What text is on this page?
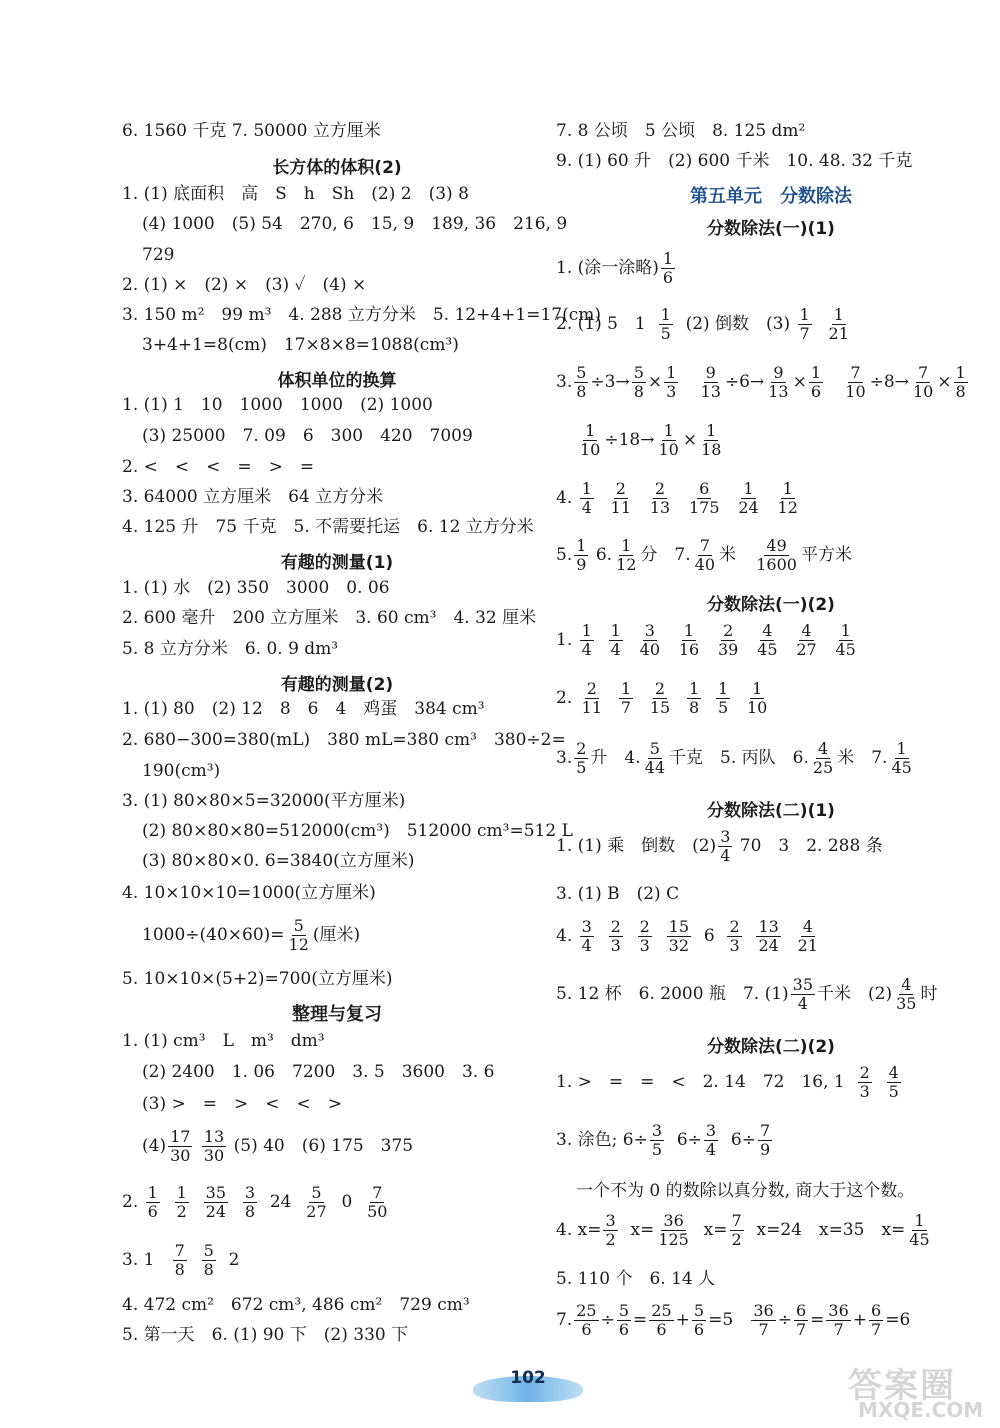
6. 1560 千克 7. 50000 立方厘米
长方体的体积(2)
1. (1) 底面积　高　S　h　Sh　(2) 2　(3) 8
(4) 1000　(5) 54　270, 6　15, 9　189, 36　216, 9
729
2. (1) ×　(2) ×　(3) ✓　(4) ×
3. 150 m²　99 m³　4. 288 立方分米　5. 12+4+1=17(cm)
3+4+1=8(cm)　17×8×8=1088(cm³)
体积单位的换算
1. (1) 1　10　1000　1000　(2) 1000
(3) 25000　7. 09　6　300　420　7009
2. <　<　<　=　>　=
3. 64000 立方厘米　64 立方分米
4. 125 升　75 千克　5. 不需要托运　6. 12 立方分米
有趣的测量(1)
1. (1) 水　(2) 350　3000　0. 06
2. 600 毫升　200 立方厘米　3. 60 cm³　4. 32 厘米
5. 8 立方分米　6. 0. 9 dm³
有趣的测量(2)
1. (1) 80　(2) 12　8　6　4　鸡蛋　384 cm³
2. 680−300=380(mL)　380 mL=380 cm³　380÷2=
190(cm³)
3. (1) 80×80×5=32000(平方厘米)
(2) 80×80×80=512000(cm³)　512000 cm³=512 L
(3) 80×80×0. 6=3840(立方厘米)
4. 10×10×10=1000(立方厘米)
$1000\div(40\times 60)= \frac{5}{12}$ (厘米)
5. 10×10×(5+2)=700(立方厘米)
整理与复习
1. (1) cm³　L　m³　dm³
(2) 2400　1. 06　7200　3. 5　3600　3. 6
(3) >　=　>　<　<　>
$(4) \frac{17}{30}$
$\frac{13}{30} (5)$ 40　(6) 175　375
2. $\frac{1}{6}$
$\frac{1}{2}$
$\frac{35}{24}$
$\frac{3}{8} 24 \frac{5}{27} 0 \frac{7}{50}$
3. $1 \frac{7}{8}$
$\frac{5}{8} 2$
4. 472 cm²　672 cm³, 486 cm²　729 cm³
5. 第一天　6. (1) 90 下　(2) 330 下
7. 8 公顷　5 公顷　8. 125 dm²
9. (1) 60 升　(2) 600 千米　10. 48. 32 千克
第五单元　分数除法
分数除法(一)(1)
1. (涂一涂略) $\frac{1}{6}$
2. (1) 5　$1 \frac{1}{5} (2)$ 倒数　$(3) \frac{1}{7}$
$\frac{1}{21}$
3. $\frac{5}{8} \div 3\to \frac{5}{8} \times \frac{1}{3}$
$\frac{9}{13} \div 6\to \frac{9}{13} \times \frac{1}{6}$
$\frac{7}{10} \div 8\to \frac{7}{10} \times \frac{1}{8}$
$\frac{1}{10} \div 18\to \frac{1}{10} \times \frac{1}{18}$
4. $\frac{1}{4}$
$\frac{2}{11}$
$\frac{2}{13}$
$\frac{6}{175}$
$\frac{1}{24}$
$\frac{1}{12}$
5. $\frac{1}{9} 6$. $\frac{1}{12}$ 分　7. $\frac{7}{40}$ 米 $\frac{49}{1600}$ 平方米
分数除法(一)(2)
1. $\frac{1}{4}$
$\frac{1}{4}$
$\frac{3}{40}$
$\frac{1}{16}$
$\frac{2}{39}$
$\frac{4}{45}$
$\frac{4}{27}$
$\frac{1}{45}$
2. $\frac{2}{11}$
$\frac{1}{7}$
$\frac{2}{15}$
$\frac{1}{8}$
$\frac{1}{5}$
$\frac{1}{10}$
3. $\frac{2}{5}$ 升　4. $\frac{5}{44}$ 千克　5. 丙队　6. $\frac{4}{25}$ 米　7. $\frac{1}{45}$
分数除法(二)(1)
1. (1) 乘　倒数　$(2) \frac{3}{4} 70$　3　2. 288 条
3. (1) B　(2) C
4. $\frac{3}{4}$
$\frac{2}{3}$
$\frac{2}{3}$
$\frac{15}{32} 6 \frac{2}{3}$
$\frac{13}{24}$
$\frac{4}{21}$
5. 12 杯　6. 2000 瓶　7. $(1) \frac{35}{4}$ 千米　$(2) \frac{4}{35}$ 时
分数除法(二)(2)
1. >　=　=　<　2. 14　72　16, $1 \frac{2}{3}$
$\frac{4}{5}$
3. 涂色; $6\div \frac{3}{5} 6\div \frac{3}{4} 6\div \frac{7}{9}$
一个不为 0 的数除以真分数, 商大于这个数。
4. $x= \frac{3}{2} x= \frac{36}{125} x= \frac{7}{2} x=24$　x=35　$x= \frac{1}{45}$
5. 110 个　6. 14 人
7. $\frac{25}{6} \div \frac{5}{6} = \frac{25}{6} + \frac{5}{6} =5 \frac{36}{7} \div \frac{6}{7} = \frac{36}{7} + \frac{6}{7} =6$
102	答案圈
MXQE.COM
